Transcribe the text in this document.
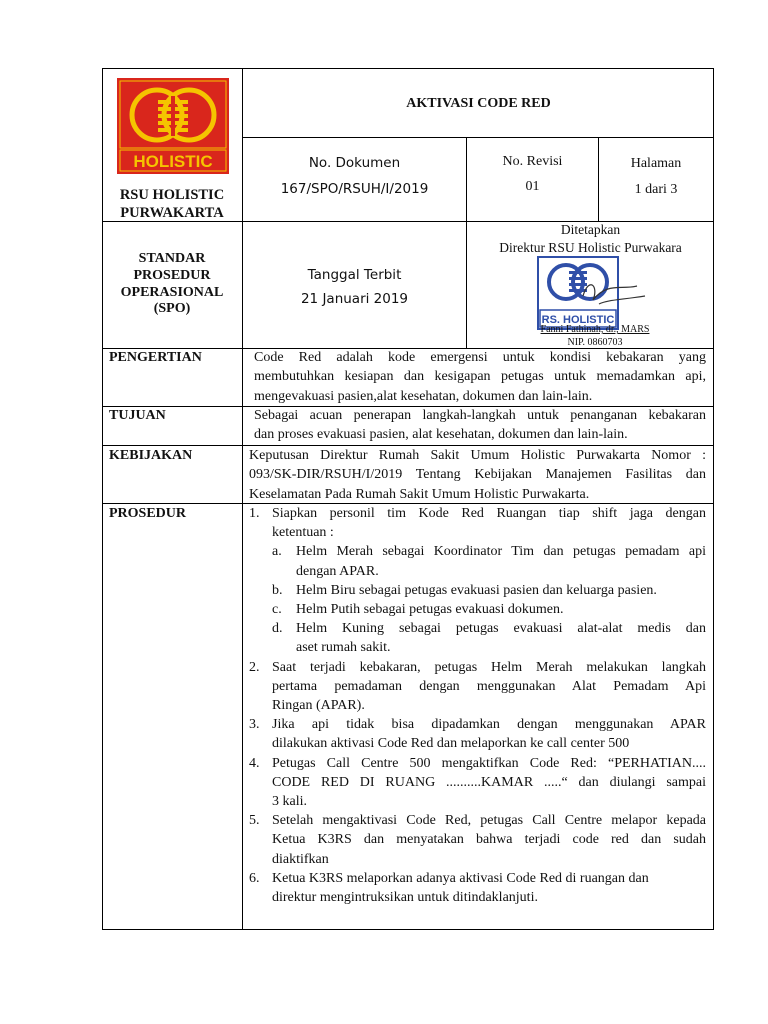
HOLISTIC
RSU HOLISTIC
PURWAKARTA
AKTIVASI CODE RED
No. Dokumen
167/SPO/RSUH/I/2019
No. Revisi
01
Halaman
1 dari 3
STANDAR
PROSEDUR
OPERASIONAL
(SPO)
Tanggal Terbit
21 Januari 2019
Ditetapkan
Direktur RSU Holistic Purwakara
RS. HOLISTIC
Fanni Fathinah, dr., MARS
NIP. 0860703
PENGERTIAN
TUJUAN
KEBIJAKAN
PROSEDUR
Code Red adalah kode emergensi untuk kondisi kebakaran yang
membutuhkan kesiapan dan kesigapan petugas untuk memadamkan api,
mengevakuasi pasien,alat kesehatan, dokumen dan lain-lain.
Sebagai acuan penerapan langkah-langkah untuk penanganan kebakaran
dan proses evakuasi pasien, alat kesehatan, dokumen dan lain-lain.
Keputusan Direktur Rumah Sakit Umum Holistic Purwakarta Nomor :
093/SK-DIR/RSUH/I/2019 Tentang Kebijakan Manajemen Fasilitas dan
Keselamatan Pada Rumah Sakit Umum Holistic Purwakarta.
1. Siapkan personil tim Kode Red Ruangan tiap shift jaga dengan
ketentuan :
a.	Helm Merah sebagai Koordinator Tim dan petugas pemadam api
dengan APAR.
b. Helm Biru sebagai petugas evakuasi pasien dan keluarga pasien.
c.	Helm Putih sebagai petugas evakuasi dokumen.
d. Helm Kuning sebagai petugas evakuasi alat-alat medis dan
aset rumah sakit.
2. Saat terjadi kebakaran, petugas Helm Merah melakukan langkah
pertama pemadaman dengan menggunakan Alat Pemadam Api
Ringan (APAR).
3. Jika api tidak bisa dipadamkan dengan menggunakan APAR
dilakukan aktivasi Code Red dan melaporkan ke call center 500
4. Petugas Call Centre 500 mengaktifkan Code Red: “PERHATIAN....
CODE RED DI RUANG ..........KAMAR .....“ dan diulangi sampai
3 kali.
5. Setelah mengaktivasi Code Red, petugas Call Centre melapor kepada
Ketua K3RS dan menyatakan bahwa terjadi code red dan sudah
diaktifkan
6. Ketua K3RS melaporkan adanya aktivasi Code Red di ruangan dan
direktur mengintruksikan untuk ditindaklanjuti.
